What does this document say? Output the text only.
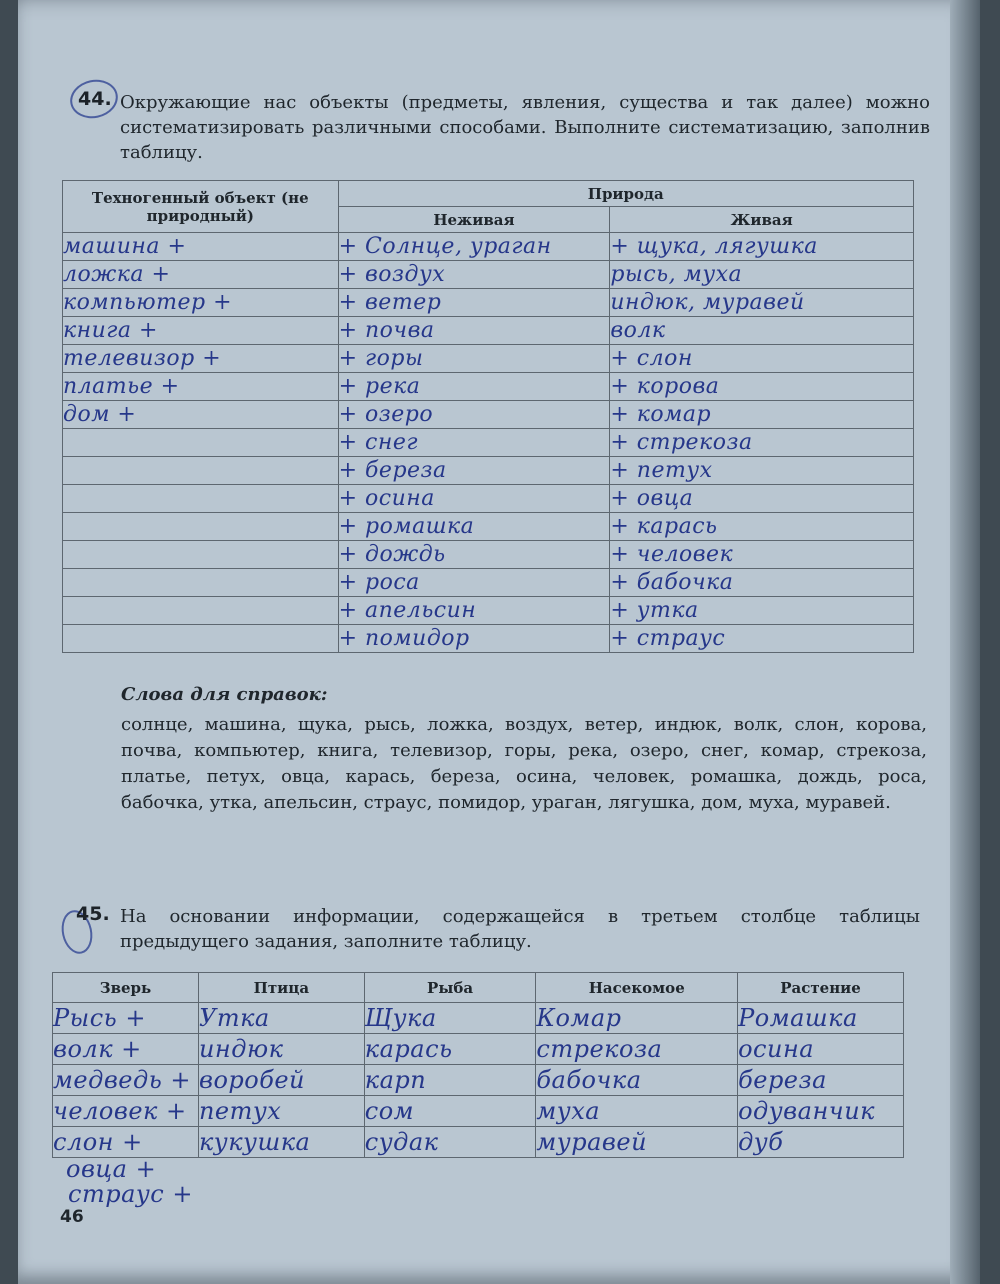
44. Окружающие нас объекты (предметы, явления, существа и так далее) можно систематизировать различными способами. Выполните систематизацию, заполнив таблицу.
Техногенный объект (не природный)	Природа	
	Неживая	Живая
машина +	+ Солнце, ураган	+ щука, лягушка
ложка +	+ воздух	рысь, муха
компьютер +	+ ветер	индюк, муравей
книга +	+ почва	волк
телевизор +	+ горы	+ слон
платье +	+ река	+ корова
дом +	+ озеро	+ комар
	+ снег	+ стрекоза
	+ береза	+ петух
	+ осина	+ овца
	+ ромашка	+ карась
	+ дождь	+ человек
	+ роса	+ бабочка
	+ апельсин	+ утка
	+ помидор	+ страус
Слова для справок:
солнце, машина, щука, рысь, ложка, воздух, ветер, индюк, волк, слон, корова, почва, компьютер, книга, телевизор, горы, река, озеро, снег, комар, стрекоза, платье, петух, овца, карась, береза, осина, человек, ромашка, дождь, роса, бабочка, утка, апельсин, страус, помидор, ураган, лягушка, дом, муха, муравей.
45. На основании информации, содержащейся в третьем столбце таблицы предыдущего задания, заполните таблицу.
Зверь	Птица	Рыба	Насекомое	Растение
Рысь +	Утка	Щука	Комар	Ромашка
волк +	индюк	карась	стрекоза	осина
медведь +	воробей	карп	бабочка	береза
человек +	петух	сом	муха	одуванчик
слон +	кукушка	судак	муравей	дуб
овца +
страус +
46
